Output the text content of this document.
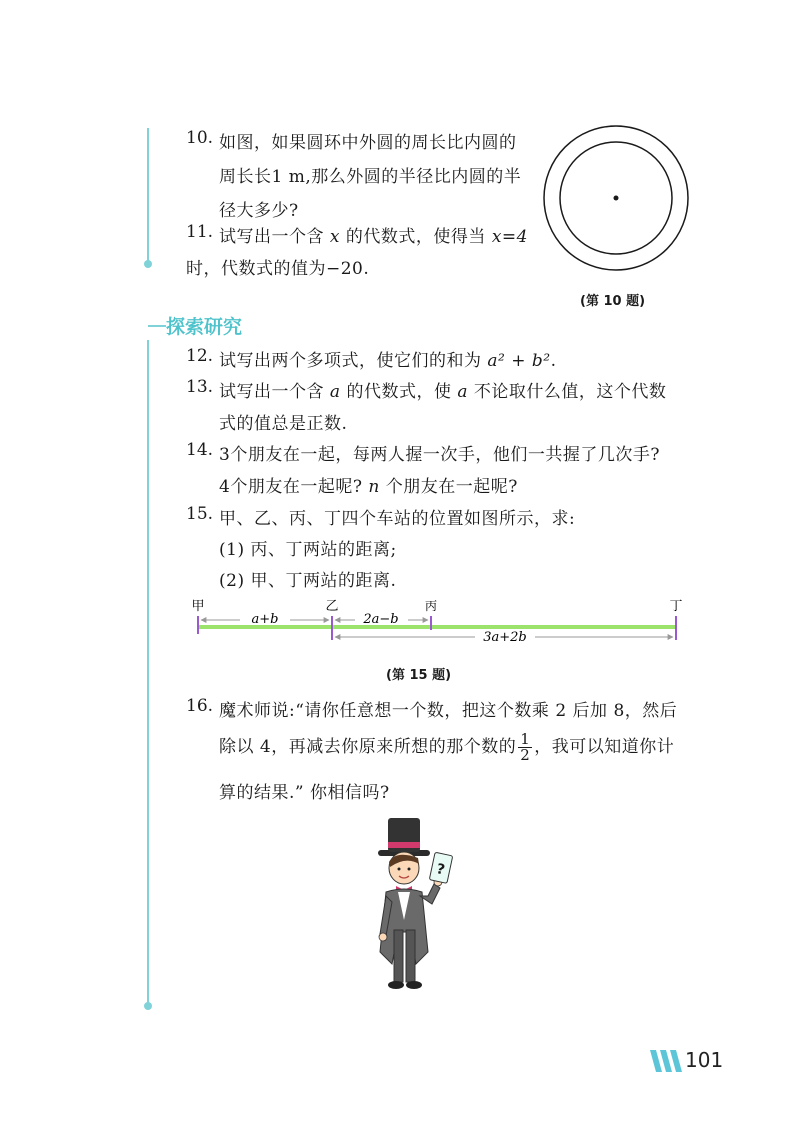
10. 如图，如果圆环中外圆的周长比内圆的
周长长1 m,那么外圆的半径比内圆的半
径大多少?
(第 10 题)
11. 试写出一个含 x 的代数式，使得当 x=4
时，代数式的值为−20.
探索研究
12. 试写出两个多项式，使它们的和为 a² + b².
13. 试写出一个含 a 的代数式，使 a 不论取什么值，这个代数
式的值总是正数.
14. 3个朋友在一起，每两人握一次手，他们一共握了几次手?
4个朋友在一起呢? n 个朋友在一起呢?
15. 甲、乙、丙、丁四个车站的位置如图所示，求:
(1) 丙、丁两站的距离;
(2) 甲、丁两站的距离.
甲	乙	丙	丁
a+b	2a−b
3a+2b
(第 15 题)
16. 魔术师说:“请你任意想一个数，把这个数乘 2 后加 8，然后
除以 4，再减去你原来所想的那个数的 $\frac{1}{2}$ ，我可以知道你计
算的结果.” 你相信吗?
?
101
